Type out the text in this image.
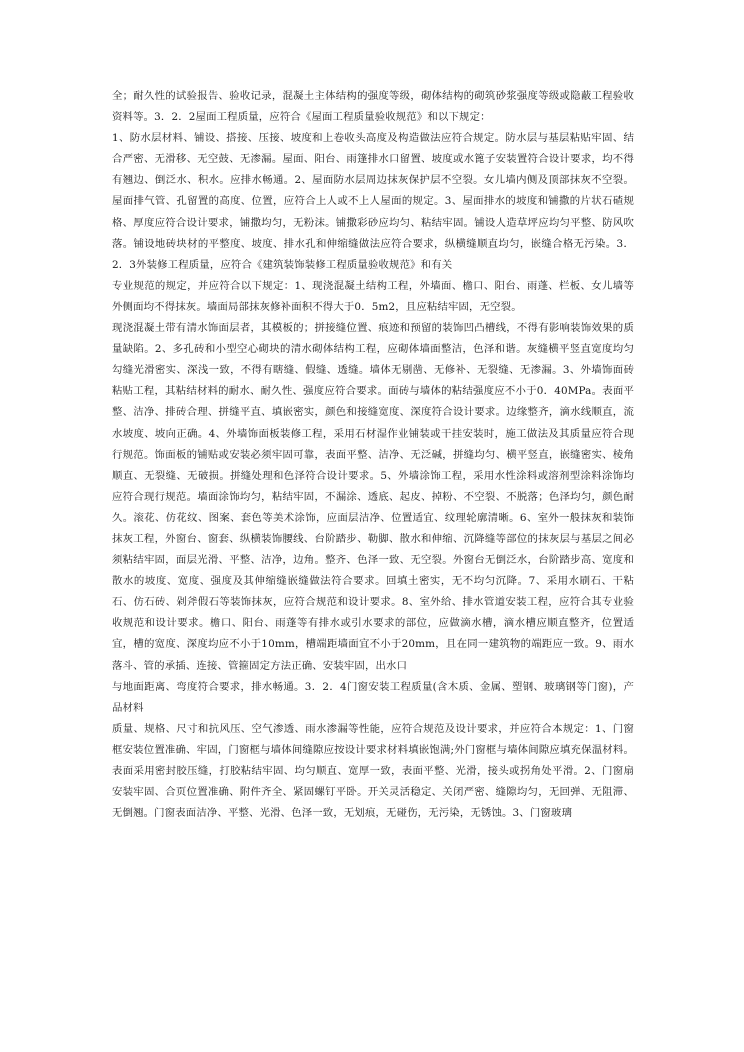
全；耐久性的试验报告、验收记录，混凝土主体结构的强度等级，砌体结构的砌筑砂浆强度等级或隐蔽工程验收资料等。3．2．2屋面工程质量，应符合《屋面工程质量验收规范》和以下规定：

1、防水层材料、铺设、搭接、压接、坡度和上卷收头高度及构造做法应符合规定。防水层与基层粘贴牢固、结合严密、无滑移、无空鼓、无渗漏。屋面、阳台、雨篷排水口留置、坡度或水篦子安装置符合设计要求，均不得有翘边、倒泛水、积水。应排水畅通。2、屋面防水层周边抹灰保护层不空裂。女儿墙内侧及顶部抹灰不空裂。屋面排气管、孔留置的高度、位置，应符合上人或不上人屋面的规定。3、屋面排水的坡度和铺撒的片状石碴规格、厚度应符合设计要求，铺撒均匀，无粉沫。铺撒彩砂应均匀、粘结牢固。铺设人造草坪应均匀平整、防风吹落。铺设地砖块材的平整度、坡度、排水孔和伸缩缝做法应符合要求，纵横缝顺直均匀，嵌缝合格无污染。3．2．3外装修工程质量，应符合《建筑装饰装修工程质量验收规范》和有关

专业规范的规定，并应符合以下规定：1、现浇混凝土结构工程，外墙面、檐口、阳台、雨蓬、栏板、女儿墙等外侧面均不得抹灰。墙面局部抹灰修补面积不得大于0．5m2，且应粘结牢固，无空裂。

现浇混凝土带有清水饰面层者，其模板的；拼接缝位置、痕迹和预留的装饰凹凸槽线，不得有影响装饰效果的质量缺陷。2、多孔砖和小型空心砌块的清水砌体结构工程，应砌体墙面整洁，色泽和谐。灰缝横平竖直宽度均匀勾缝光滑密实、深浅一致，不得有瞎缝、假缝、透缝。墙体无剔凿、无修补、无裂缝、无渗漏。3、外墙饰面砖粘贴工程，其粘结材料的耐水、耐久性、强度应符合要求。面砖与墙体的粘结强度应不小于0．40MPa。表面平整、洁净、排砖合理、拼缝平直、填嵌密实，颜色和接缝宽度、深度符合设计要求。边缘整齐，滴水线顺直，流水坡度、坡向正确。4、外墙饰面板装修工程，采用石材湿作业铺装或干挂安装时，施工做法及其质量应符合现行规范。饰面板的铺贴或安装必须牢固可靠，表面平整、洁净、无泛碱，拼缝均匀、横平竖直，嵌缝密实、棱角顺直、无裂缝、无破损。拼缝处理和色泽符合设计要求。5、外墙涂饰工程，采用水性涂料或溶剂型涂料涂饰均应符合现行规范。墙面涂饰均匀，粘结牢固，不漏涂、透底、起皮、掉粉、不空裂、不脱落；色泽均匀，颜色耐久。滚花、仿花纹、图案、套色等美术涂饰，应面层洁净、位置适宜、纹理轮廓清晰。6、室外一般抹灰和装饰抹灰工程，外窗台、窗套、纵横装饰腰线、台阶踏步、勒脚、散水和伸缩、沉降缝等部位的抹灰层与基层之间必须粘结牢固，面层光滑、平整、洁净，边角。整齐、色泽一致、无空裂。外窗台无倒泛水，台阶踏步高、宽度和散水的坡度、宽度、强度及其伸缩缝嵌缝做法符合要求。回填土密实，无不均匀沉降。7、采用水刷石、干粘石、仿石砖、剁斧假石等装饰抹灰，应符合规范和设计要求。8、室外给、排水管道安装工程，应符合其专业验收规范和设计要求。檐口、阳台、雨蓬等有排水或引水要求的部位，应做滴水槽，滴水槽应顺直整齐，位置适宜，槽的宽度、深度均应不小于10mm，槽端距墙面宜不小于20mm，且在同一建筑物的端距应一致。9、雨水落斗、管的承插、连接、管箍固定方法正确、安装牢固，出水口

与地面距离、弯度符合要求，排水畅通。3．2．4门窗安装工程质量(含木质、金属、塑钢、玻璃钢等门窗)，产品材料

质量、规格、尺寸和抗风压、空气渗透、雨水渗漏等性能，应符合规范及设计要求，并应符合本规定：1、门窗框安装位置准确、牢固，门窗框与墙体间缝隙应按设计要求材料填嵌饱满;外门窗框与墙体间隙应填充保温材料。表面采用密封胶压缝，打胶粘结牢固、均匀顺直、宽厚一致，表面平整、光滑，接头或拐角处平滑。2、门窗扇安装牢固、合页位置准确、附件齐全、紧固螺钉平卧。开关灵活稳定、关闭严密、缝隙均匀，无回弹、无阻滞、无倒翘。门窗表面洁净、平整、光滑、色泽一致，无划痕，无碰伤，无污染，无锈蚀。3、门窗玻璃
